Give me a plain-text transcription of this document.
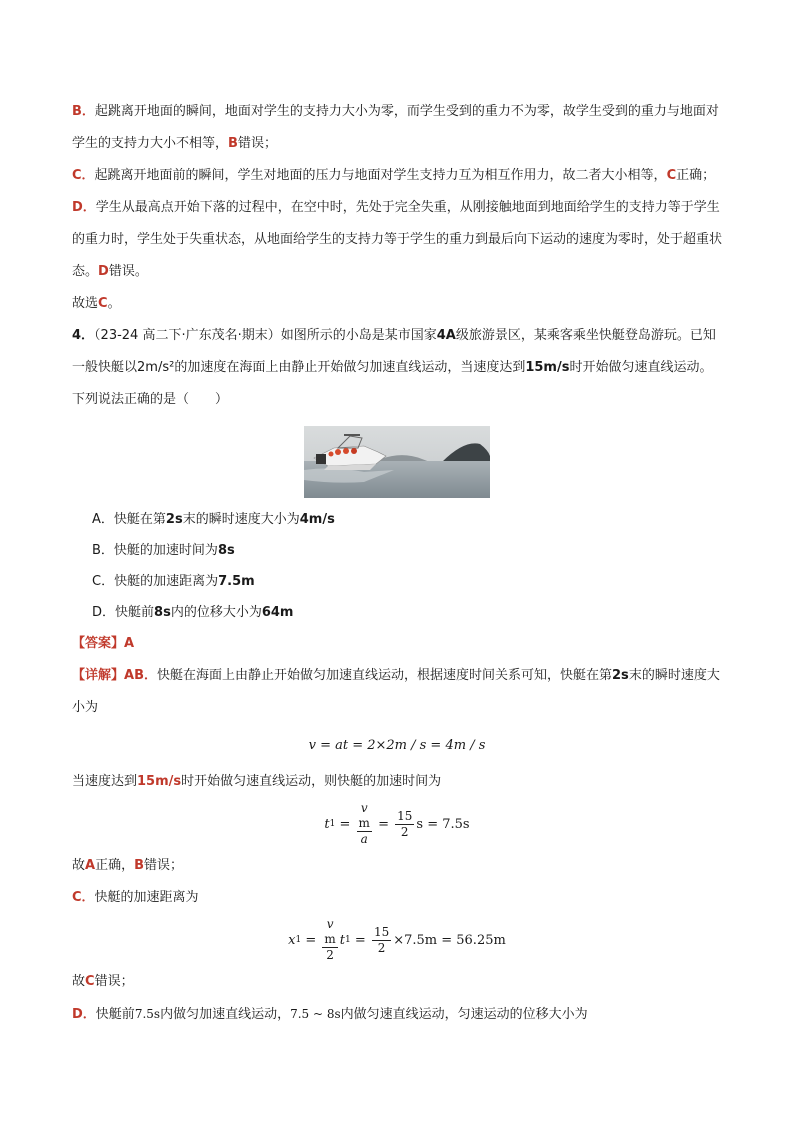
B．起跳离开地面的瞬间，地面对学生的支持力大小为零，而学生受到的重力不为零，故学生受到的重力与地面对学生的支持力大小不相等，B错误；

C．起跳离开地面前的瞬间，学生对地面的压力与地面对学生支持力互为相互作用力，故二者大小相等，C正确；

D．学生从最高点开始下落的过程中，在空中时，先处于完全失重，从刚接触地面到地面给学生的支持力等于学生的重力时，学生处于失重状态，从地面给学生的支持力等于学生的重力到最后向下运动的速度为零时，处于超重状态。D错误。

故选C。

4．（23-24 高二下·广东茂名·期末）如图所示的小岛是某市国家4A级旅游景区，某乘客乘坐快艇登岛游玩。已知一般快艇以2m/s²的加速度在海面上由静止开始做匀加速直线运动，当速度达到15m/s时开始做匀速直线运动。下列说法正确的是（　　）

A．快艇在第2s末的瞬时速度大小为4m/s

B．快艇的加速时间为8s

C．快艇的加速距离为7.5m

D．快艇前8s内的位移大小为64m

【答案】A

【详解】AB．快艇在海面上由静止开始做匀加速直线运动，根据速度时间关系可知，快艇在第2s末的瞬时速度大小为

v = at = 2×2m / s = 4m / s

当速度达到15m/s时开始做匀速直线运动，则快艇的加速时间为

t 1 = v
m
$a = \frac{15}{2}$ s = 7.5s

故A正确，B错误；

C．快艇的加速距离为

x 1 = v
m
2 t $1 = \frac{15}{2} \times 7.5m = 56.25m$

故C错误；

D．快艇前7.5s内做匀加速直线运动，7.5 ~ 8s内做匀速直线运动，匀速运动的位移大小为
